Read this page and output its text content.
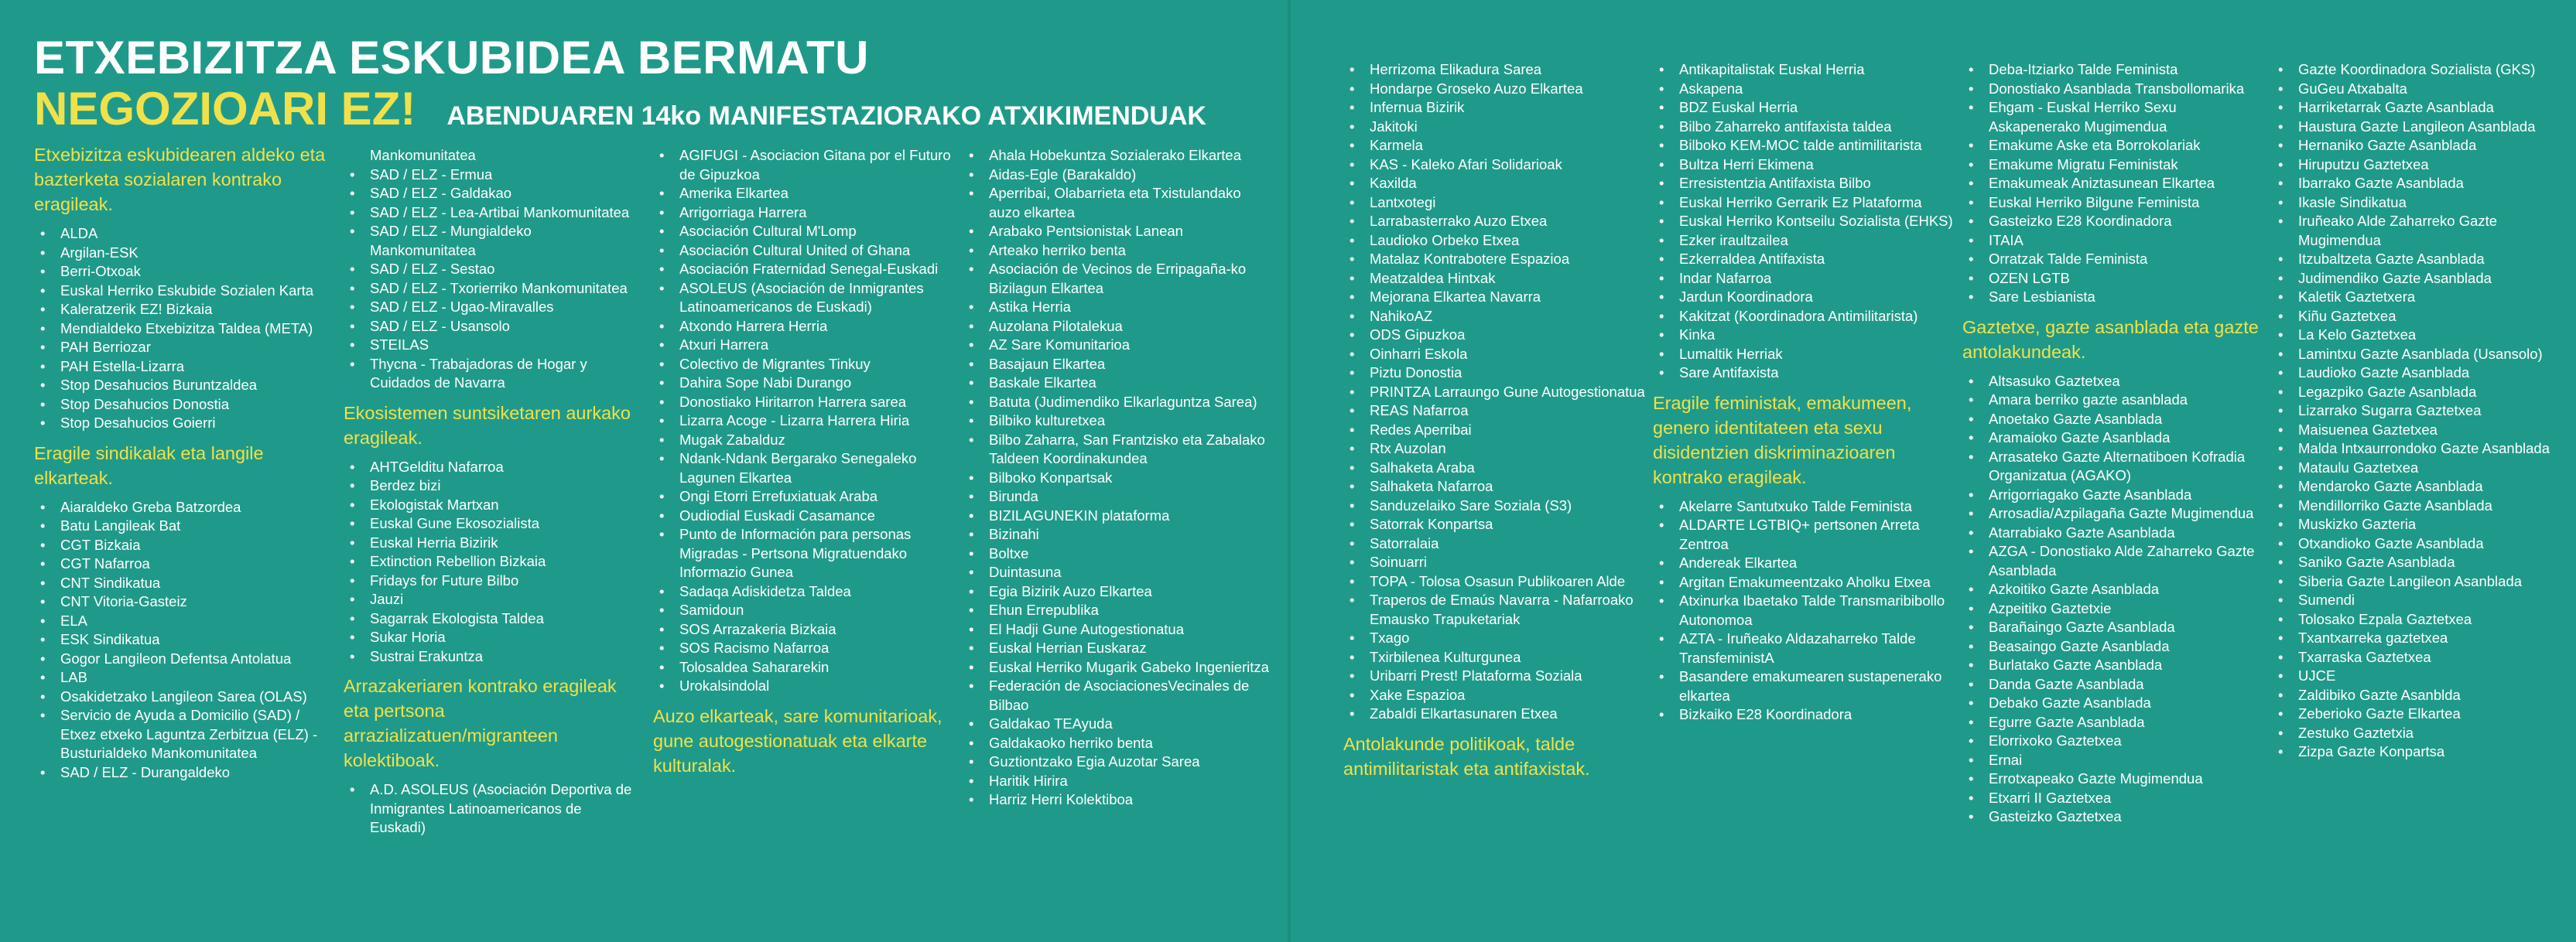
ETXEBIZITZA ESKUBIDEA BERMATU
NEGOZIOARI EZ! ABENDUAREN 14ko MANIFESTAZIORAKO ATXIKIMENDUAK
Etxebizitza eskubidearen aldeko eta bazterketa sozialaren kontrako eragileak.
• ALDA
• Argilan-ESK
• Berri-Otxoak
• Euskal Herriko Eskubide Sozialen Karta
• Kaleratzerik EZ! Bizkaia
• Mendialdeko Etxebizitza Taldea (META)
• PAH Berriozar
• PAH Estella-Lizarra
• Stop Desahucios Buruntzaldea
• Stop Desahucios Donostia
• Stop Desahucios Goierri
Eragile sindikalak eta langile elkarteak.
• Aiaraldeko Greba Batzordea
• Batu Langileak Bat
• CGT Bizkaia
• CGT Nafarroa
• CNT Sindikatua
• CNT Vitoria-Gasteiz
• ELA
• ESK Sindikatua
• Gogor Langileon Defentsa Antolatua
• LAB
• Osakidetzako Langileon Sarea (OLAS)
• Servicio de Ayuda a Domicilio (SAD) / Etxez etxeko Laguntza Zerbitzua (ELZ) - Busturialdeko Mankomunitatea
• SAD / ELZ - Durangaldeko
Mankomunitatea
• SAD / ELZ - Ermua
• SAD / ELZ - Galdakao
• SAD / ELZ - Lea-Artibai Mankomunitatea
• SAD / ELZ - Mungialdeko Mankomunitatea
• SAD / ELZ - Sestao
• SAD / ELZ - Txorierriko Mankomunitatea
• SAD / ELZ - Ugao-Miravalles
• SAD / ELZ - Usansolo
• STEILAS
• Thycna - Trabajadoras de Hogar y Cuidados de Navarra
Ekosistemen suntsiketaren aurkako eragileak.
• AHTGelditu Nafarroa
• Berdez bizi
• Ekologistak Martxan
• Euskal Gune Ekosozialista
• Euskal Herria Bizirik
• Extinction Rebellion Bizkaia
• Fridays for Future Bilbo
• Jauzi
• Sagarrak Ekologista Taldea
• Sukar Horia
• Sustrai Erakuntza
Arrazakeriaren kontrako eragileak eta pertsona arrazializatuen/migranteen kolektiboak.
• A.D. ASOLEUS (Asociación Deportiva de Inmigrantes Latinoamericanos de Euskadi)
• AGIFUGI - Asociacion Gitana por el Futuro de Gipuzkoa
• Amerika Elkartea
• Arrigorriaga Harrera
• Asociación Cultural M'Lomp
• Asociación Cultural United of Ghana
• Asociación Fraternidad Senegal-Euskadi
• ASOLEUS (Asociación de Inmigrantes Latinoamericanos de Euskadi)
• Atxondo Harrera Herria
• Atxuri Harrera
• Colectivo de Migrantes Tinkuy
• Dahira Sope Nabi Durango
• Donostiako Hiritarron Harrera sarea
• Lizarra Acoge - Lizarra Harrera Hiria
• Mugak Zabalduz
• Ndank-Ndank Bergarako Senegaleko Lagunen Elkartea
• Ongi Etorri Errefuxiatuak Araba
• Oudiodial Euskadi Casamance
• Punto de Información para personas Migradas - Pertsona Migratuendako Informazio Gunea
• Sadaqa Adiskidetza Taldea
• Samidoun
• SOS Arrazakeria Bizkaia
• SOS Racismo Nafarroa
• Tolosaldea Sahararekin
• Urokalsindolal
Auzo elkarteak, sare komunitarioak, gune autogestionatuak eta elkarte kulturalak.
• Ahala Hobekuntza Sozialerako Elkartea
• Aidas-Egle (Barakaldo)
• Aperribai, Olabarrieta eta Txistulandako auzo elkartea
• Arabako Pentsionistak Lanean
• Arteako herriko benta
• Asociación de Vecinos de Erripagaña-ko Bizilagun Elkartea
• Astika Herria
• Auzolana Pilotalekua
• AZ Sare Komunitarioa
• Basajaun Elkartea
• Baskale Elkartea
• Batuta (Judimendiko Elkarlaguntza Sarea)
• Bilbiko kulturetxea
• Bilbo Zaharra, San Frantzisko eta Zabalako Taldeen Koordinakundea
• Bilboko Konpartsak
• Birunda
• BIZILAGUNEKIN plataforma
• Bizinahi
• Boltxe
• Duintasuna
• Egia Bizirik Auzo Elkartea
• Ehun Errepublika
• El Hadji Gune Autogestionatua
• Euskal Herrian Euskaraz
• Euskal Herriko Mugarik Gabeko Ingenieritza
• Federación de AsociacionesVecinales de Bilbao
• Galdakao TEAyuda
• Galdakaoko herriko benta
• Guztiontzako Egia Auzotar Sarea
• Haritik Hirira
• Harriz Herri Kolektiboa
• Herrizoma Elikadura Sarea
• Hondarpe Groseko Auzo Elkartea
• Infernua Bizirik
• Jakitoki
• Karmela
• KAS - Kaleko Afari Solidarioak
• Kaxilda
• Lantxotegi
• Larrabasterrako Auzo Etxea
• Laudioko Orbeko Etxea
• Matalaz Kontrabotere Espazioa
• Meatzaldea Hintxak
• Mejorana Elkartea Navarra
• NahikoAZ
• ODS Gipuzkoa
• Oinharri Eskola
• Piztu Donostia
• PRINTZA Larraungo Gune Autogestionatua
• REAS Nafarroa
• Redes Aperribai
• Rtx Auzolan
• Salhaketa Araba
• Salhaketa Nafarroa
• Sanduzelaiko Sare Soziala (S3)
• Satorrak Konpartsa
• Satorralaia
• Soinuarri
• TOPA - Tolosa Osasun Publikoaren Alde
• Traperos de Emaús Navarra - Nafarroako Emausko Trapuketariak
• Txago
• Txirbilenea Kulturgunea
• Uribarri Prest! Plataforma Soziala
• Xake Espazioa
• Zabaldi Elkartasunaren Etxea
Antolakunde politikoak, talde antimilitaristak eta antifaxistak.
• Antikapitalistak Euskal Herria
• Askapena
• BDZ Euskal Herria
• Bilbo Zaharreko antifaxista taldea
• Bilboko KEM-MOC talde antimilitarista
• Bultza Herri Ekimena
• Erresistentzia Antifaxista Bilbo
• Euskal Herriko Gerrarik Ez Plataforma
• Euskal Herriko Kontseilu Sozialista (EHKS)
• Ezker iraultzailea
• Ezkerraldea Antifaxista
• Indar Nafarroa
• Jardun Koordinadora
• Kakitzat (Koordinadora Antimilitarista)
• Kinka
• Lumaltik Herriak
• Sare Antifaxista
Eragile feministak, emakumeen, genero identitateen eta sexu disidentzien diskriminazioaren kontrako eragileak.
• Akelarre Santutxuko Talde Feminista
• ALDARTE LGTBIQ+ pertsonen Arreta Zentroa
• Andereak Elkartea
• Argitan Emakumeentzako Aholku Etxea
• Atxinurka Ibaetako Talde Transmaribibollo Autonomoa
• AZTA - Iruñeako Aldazaharreko Talde TransfeministA
• Basandere emakumearen sustapenerako elkartea
• Bizkaiko E28 Koordinadora
• Deba-Itziarko Talde Feminista
• Donostiako Asanblada Transbollomarika
• Ehgam - Euskal Herriko Sexu Askapenerako Mugimendua
• Emakume Aske eta Borrokolariak
• Emakume Migratu Feministak
• Emakumeak Aniztasunean Elkartea
• Euskal Herriko Bilgune Feminista
• Gasteizko E28 Koordinadora
• ITAIA
• Orratzak Talde Feminista
• OZEN LGTB
• Sare Lesbianista
Gaztetxe, gazte asanblada eta gazte antolakundeak.
• Altsasuko Gaztetxea
• Amara berriko gazte asanblada
• Anoetako Gazte Asanblada
• Aramaioko Gazte Asanblada
• Arrasateko Gazte Alternatiboen Kofradia Organizatua (AGAKO)
• Arrigorriagako Gazte Asanblada
• Arrosadia/Azpilagaña Gazte Mugimendua
• Atarrabiako Gazte Asanblada
• AZGA - Donostiako Alde Zaharreko Gazte Asanblada
• Azkoitiko Gazte Asanblada
• Azpeitiko Gaztetxie
• Barañaingo Gazte Asanblada
• Beasaingo Gazte Asanblada
• Burlatako Gazte Asanblada
• Danda Gazte Asanblada
• Debako Gazte Asanblada
• Egurre Gazte Asanblada
• Elorrixoko Gaztetxea
• Ernai
• Errotxapeako Gazte Mugimendua
• Etxarri II Gaztetxea
• Gasteizko Gaztetxea
• Gazte Koordinadora Sozialista (GKS)
• GuGeu Atxabalta
• Harriketarrak Gazte Asanblada
• Haustura Gazte Langileon Asanblada
• Hernaniko Gazte Asanblada
• Hiruputzu Gaztetxea
• Ibarrako Gazte Asanblada
• Ikasle Sindikatua
• Iruñeako Alde Zaharreko Gazte Mugimendua
• Itzubaltzeta Gazte Asanblada
• Judimendiko Gazte Asanblada
• Kaletik Gaztetxera
• Kiñu Gaztetxea
• La Kelo Gaztetxea
• Lamintxu Gazte Asanblada (Usansolo)
• Laudioko Gazte Asanblada
• Legazpiko Gazte Asanblada
• Lizarrako Sugarra Gaztetxea
• Maisuenea Gaztetxea
• Malda Intxaurrondoko Gazte Asanblada
• Mataulu Gaztetxea
• Mendaroko Gazte Asanblada
• Mendillorriko Gazte Asanblada
• Muskizko Gazteria
• Otxandioko Gazte Asanblada
• Saniko Gazte Asanblada
• Siberia Gazte Langileon Asanblada
• Sumendi
• Tolosako Ezpala Gaztetxea
• Txantxarreka gaztetxea
• Txarraska Gaztetxea
• UJCE
• Zaldibiko Gazte Asanblda
• Zeberioko Gazte Elkartea
• Zestuko Gaztetxia
• Zizpa Gazte Konpartsa
